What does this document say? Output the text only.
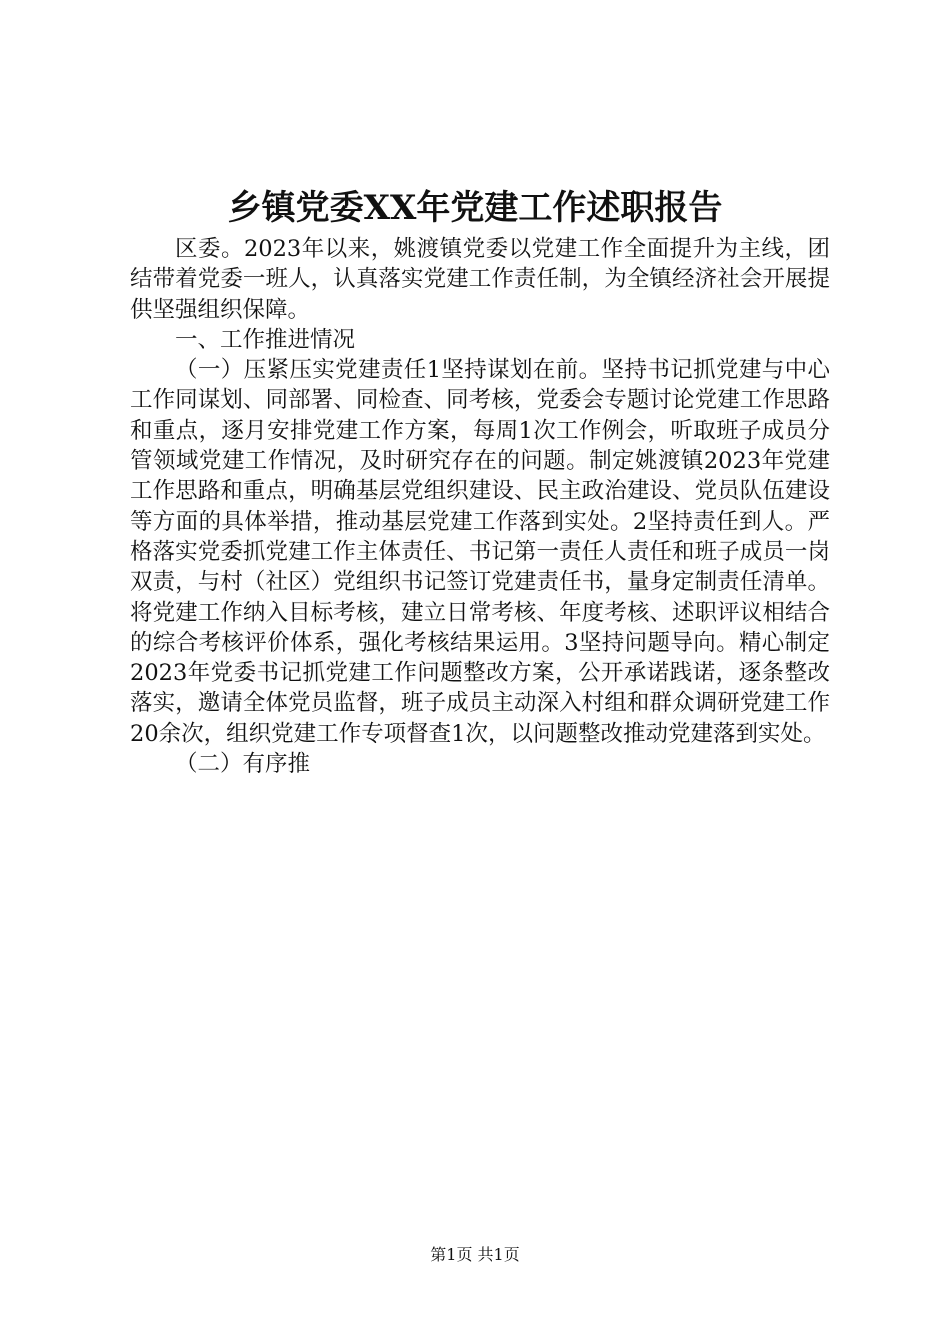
乡镇党委XX年党建工作述职报告

区委。2023年以来，姚渡镇党委以党建工作全面提升为主线，团结带着党委一班人，认真落实党建工作责任制，为全镇经济社会开展提供坚强组织保障。

一、工作推进情况

（一）压紧压实党建责任1坚持谋划在前。坚持书记抓党建与中心工作同谋划、同部署、同检查、同考核，党委会专题讨论党建工作思路和重点，逐月安排党建工作方案，每周1次工作例会，听取班子成员分管领域党建工作情况，及时研究存在的问题。制定姚渡镇2023年党建工作思路和重点，明确基层党组织建设、民主政治建设、党员队伍建设等方面的具体举措，推动基层党建工作落到实处。2坚持责任到人。严格落实党委抓党建工作主体责任、书记第一责任人责任和班子成员一岗双责，与村（社区）党组织书记签订党建责任书，量身定制责任清单。将党建工作纳入目标考核，建立日常考核、年度考核、述职评议相结合的综合考核评价体系，强化考核结果运用。3坚持问题导向。精心制定2023年党委书记抓党建工作问题整改方案，公开承诺践诺，逐条整改落实，邀请全体党员监督，班子成员主动深入村组和群众调研党建工作20余次，组织党建工作专项督查1次，以问题整改推动党建落到实处。

（二）有序推

第1页 共1页
